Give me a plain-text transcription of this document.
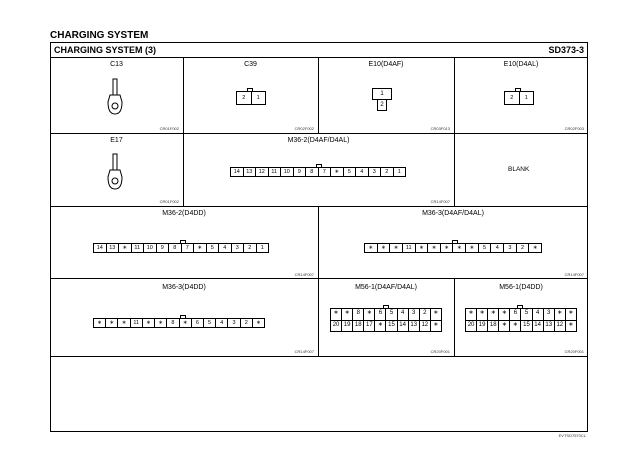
CHARGING SYSTEM
CHARGING SYSTEM (3)	SD373-3
C13
CR01F002
C39
2	1
CR02F002
E10(D4AF)
1
2
CR03F013
E10(D4AL)
2	1
CR02F003
E17
CR01F002
M36-2(D4AF/D4AL)
14	13	12	11	10	9	8	7	∗	5	4	3	2	1
CR14F007
BLANK
M36-2(D4DD)
14	13	∗	11	10	9	8	7	∗	5	4	3	2	1
CR14F007
M36-3(D4AF/D4AL)
∗	∗	∗	11	∗	∗	∗	∗	∗	5	4	3	2	∗
CR14F007
M36-3(D4DD)
∗	∗	∗	11	∗	∗	8	∗	6	5	4	3	2	∗
CR14F007
M56-1(D4AF/D4AL)
∗	∗	8	∗	6	5	4	3	2	∗
20 19 18 17 ∗ 15 14 13 12 ∗
CR20F001
M56-1(D4DD)
∗	∗	∗	∗	6	5	4	3	∗	∗
20 19 18 ∗	∗ 15 14 13 12 ∗
CR20F001
EVTSD7570CL
